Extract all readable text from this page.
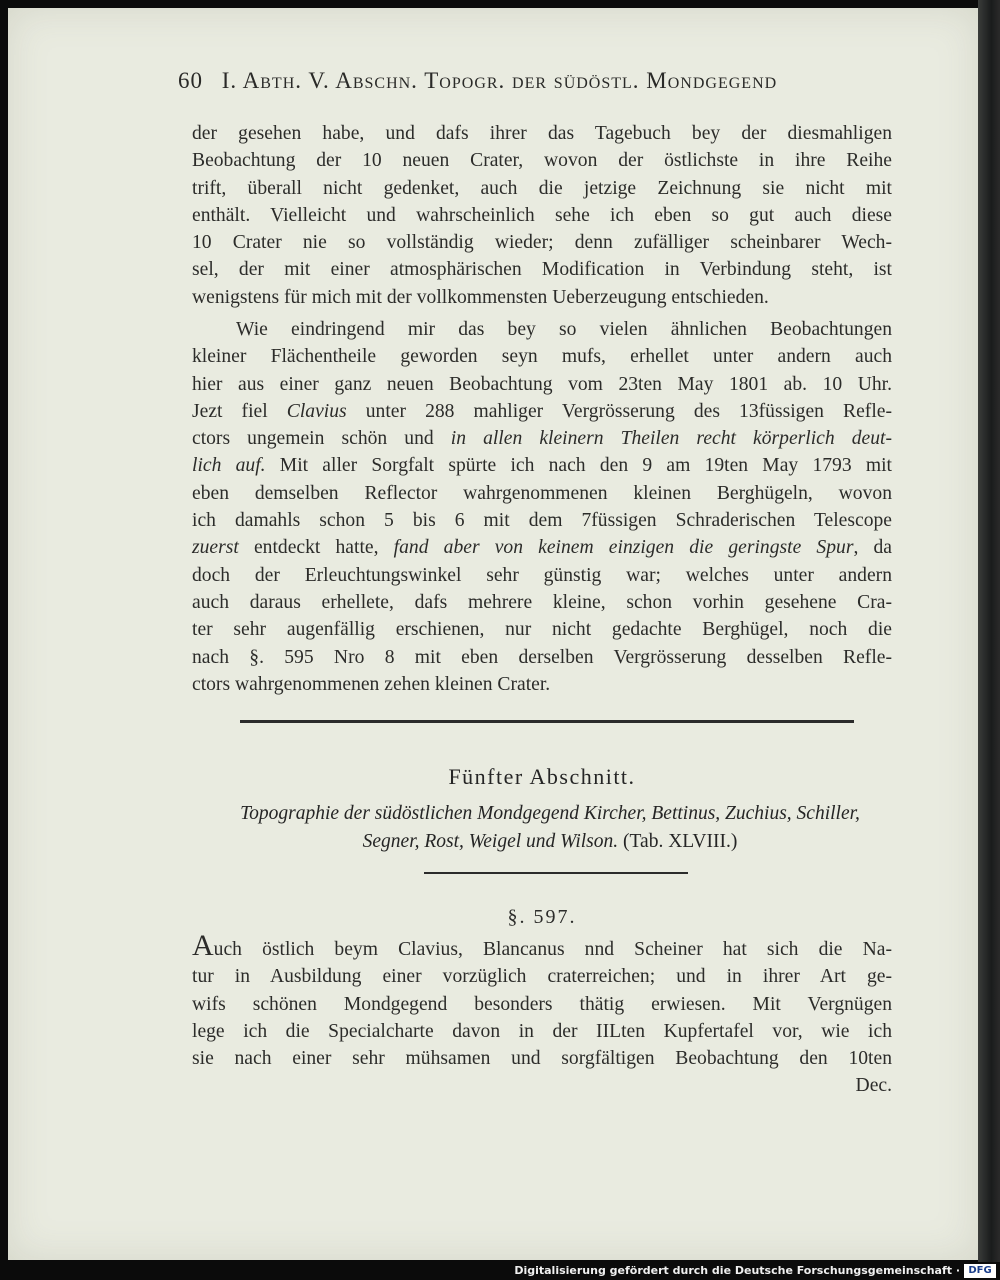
60 I. Abth. V. Abschn. Topogr. der südöstl. Mondgegend
der gesehen habe, und dafs ihrer das Tagebuch bey der diesmahligen
Beobachtung der 10 neuen Crater, wovon der östlichste in ihre Reihe
trift, überall nicht gedenket, auch die jetzige Zeichnung sie nicht mit
enthält. Vielleicht und wahrscheinlich sehe ich eben so gut auch diese
10 Crater nie so vollständig wieder; denn zufälliger scheinbarer Wech-
sel, der mit einer atmosphärischen Modification in Verbindung steht, ist
wenigstens für mich mit der vollkommensten Ueberzeugung entschieden.
Wie eindringend mir das bey so vielen ähnlichen Beobachtungen
kleiner Flächentheile geworden seyn mufs, erhellet unter andern auch
hier aus einer ganz neuen Beobachtung vom 23ten May 1801 ab. 10 Uhr.
Jezt fiel Clavius unter 288 mahliger Vergrösserung des 13füssigen Refle-
ctors ungemein schön und in allen kleinern Theilen recht körperlich deut-
lich auf. Mit aller Sorgfalt spürte ich nach den 9 am 19ten May 1793 mit
eben demselben Reflector wahrgenommenen kleinen Berghügeln, wovon
ich damahls schon 5 bis 6 mit dem 7füssigen Schraderischen Telescope
zuerst entdeckt hatte, fand aber von keinem einzigen die geringste Spur, da
doch der Erleuchtungswinkel sehr günstig war; welches unter andern
auch daraus erhellete, dafs mehrere kleine, schon vorhin gesehene Cra-
ter sehr augenfällig erschienen, nur nicht gedachte Berghügel, noch die
nach §. 595 Nro 8 mit eben derselben Vergrösserung desselben Refle-
ctors wahrgenommenen zehen kleinen Crater.
Fünfter Abschnitt.
Topographie der südöstlichen Mondgegend Kircher, Bettinus, Zuchius, Schiller,
Segner, Rost, Weigel und Wilson. (Tab. XLVIII.)
§. 597.
Auch östlich beym Clavius, Blancanus nnd Scheiner hat sich die Na-
tur in Ausbildung einer vorzüglich craterreichen; und in ihrer Art ge-
wifs schönen Mondgegend besonders thätig erwiesen. Mit Vergnügen
lege ich die Specialcharte davon in der IILten Kupfertafel vor, wie ich
sie nach einer sehr mühsamen und sorgfältigen Beobachtung den 10ten
Dec.
Digitalisierung gefördert durch die Deutsche Forschungsgemeinschaft · DFG
